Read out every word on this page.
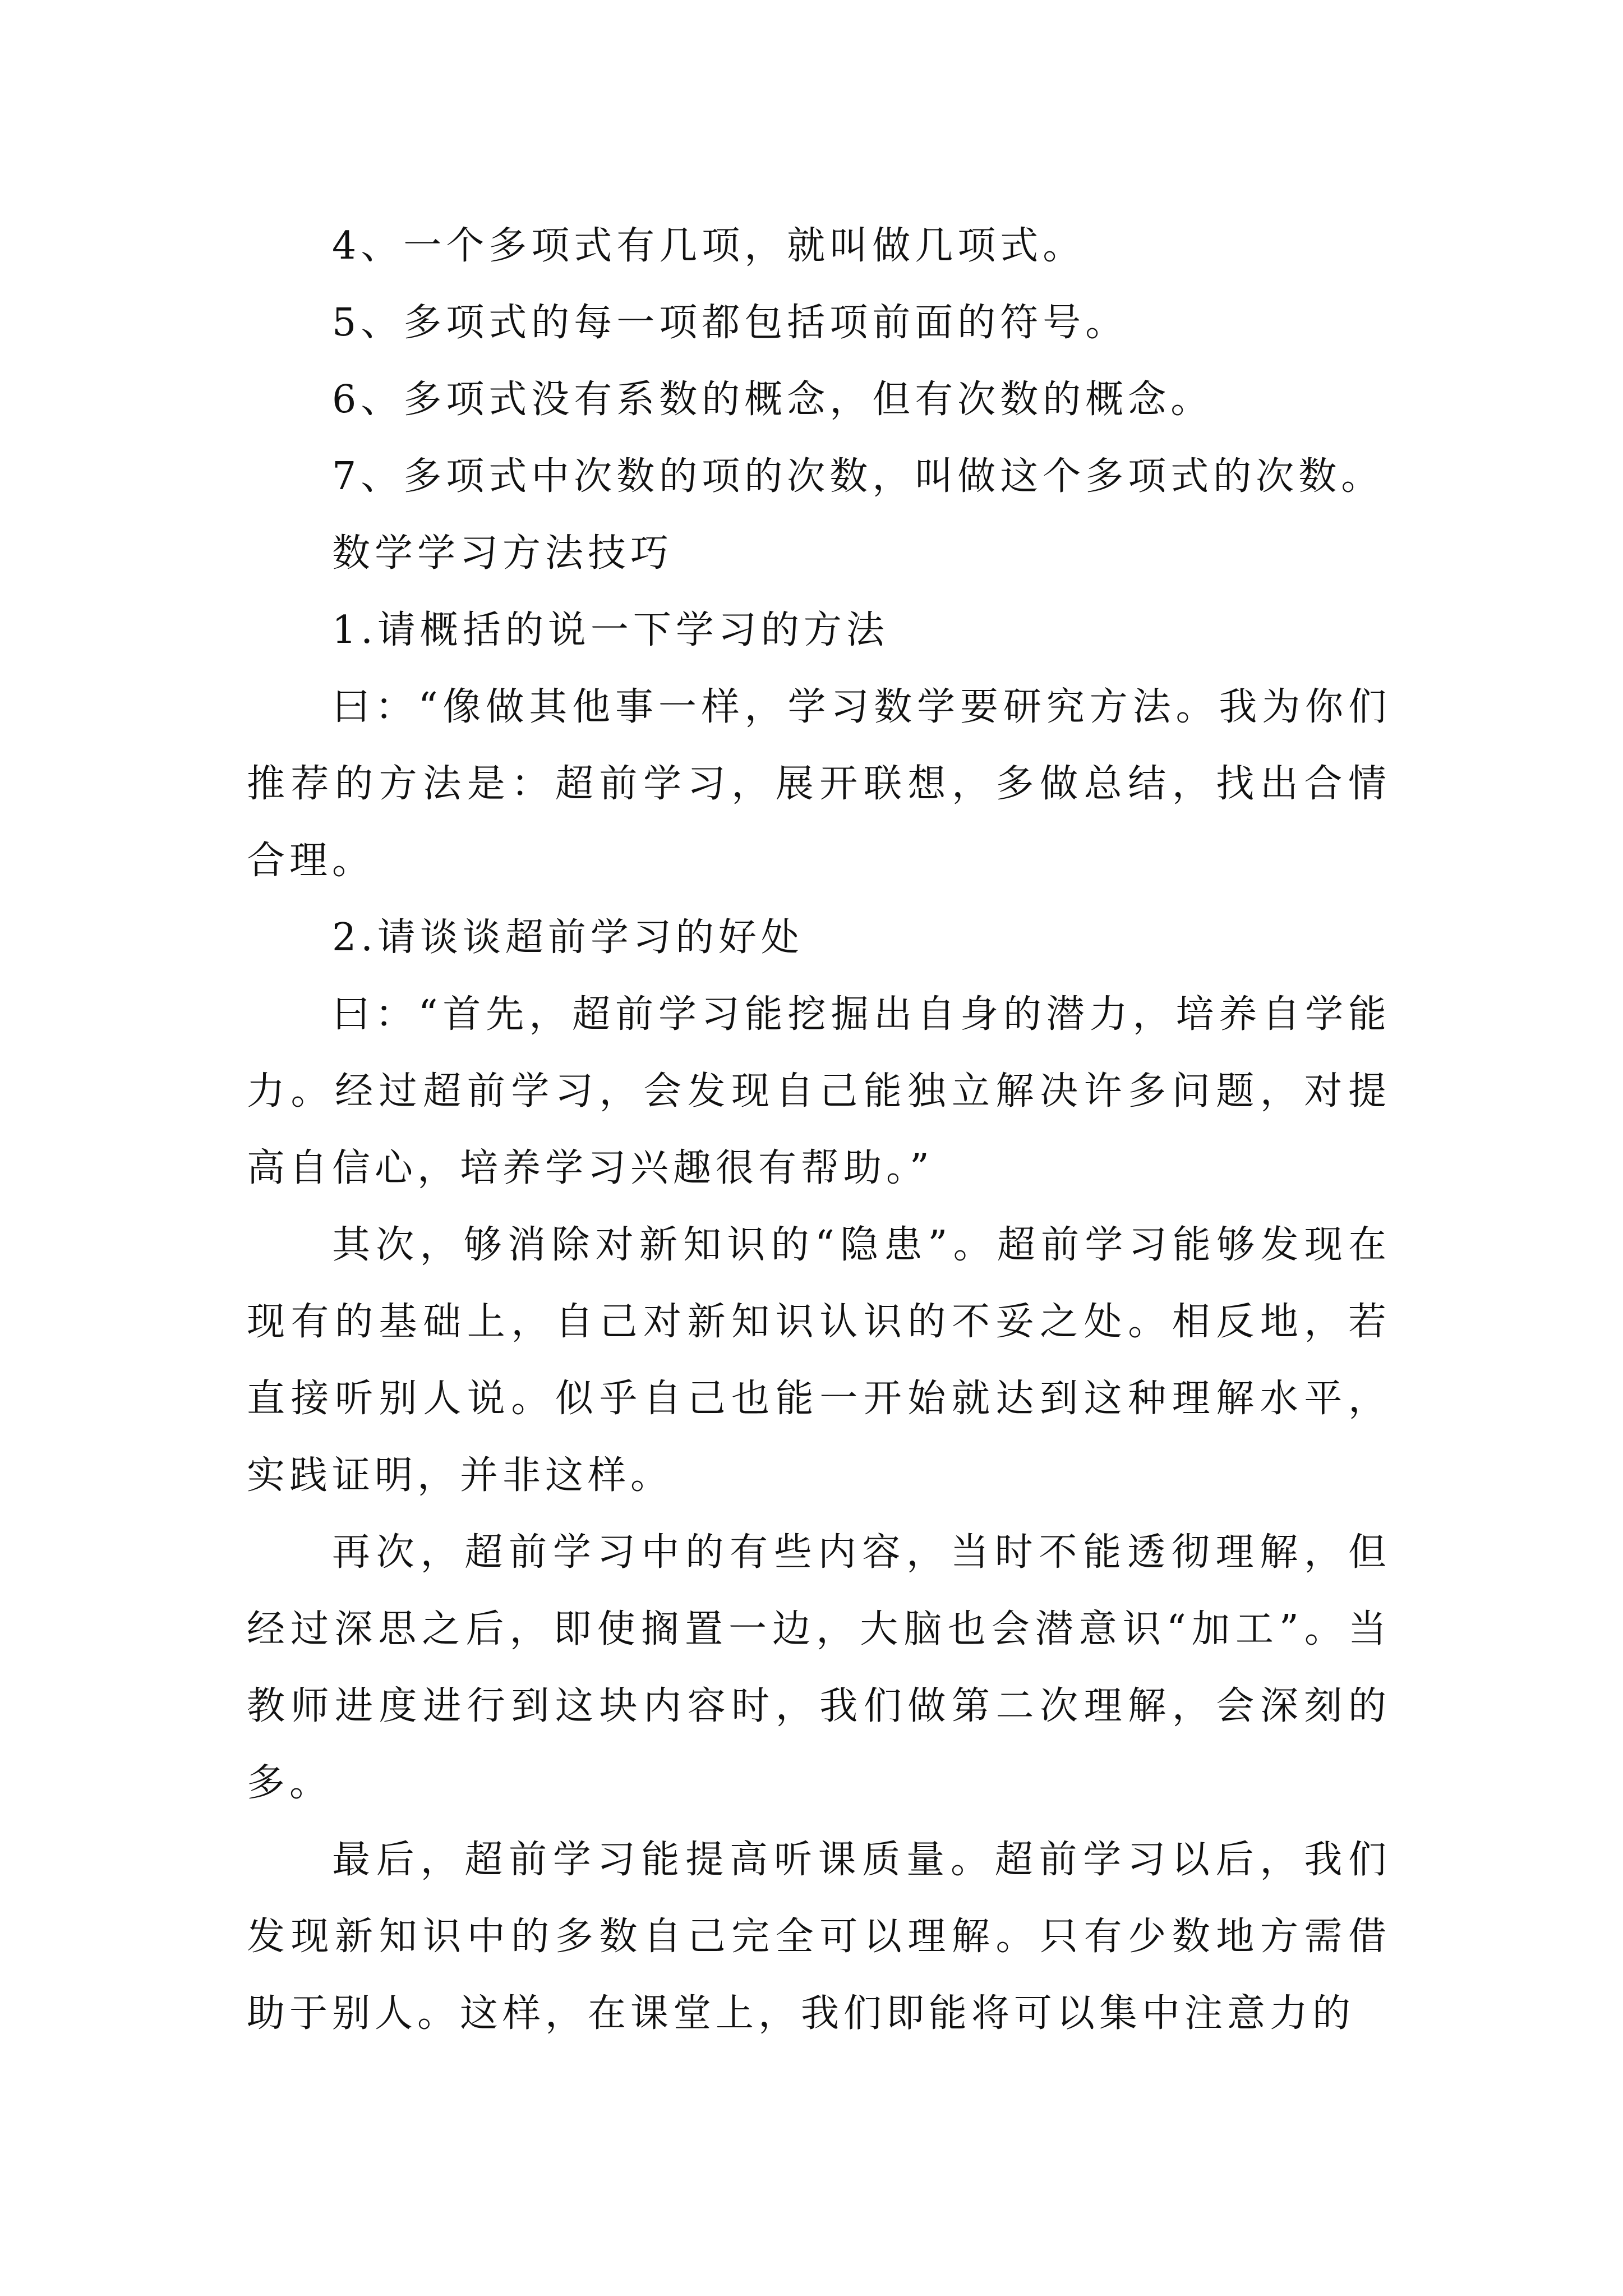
4、一个多项式有几项，就叫做几项式。

5、多项式的每一项都包括项前面的符号。

6、多项式没有系数的概念，但有次数的概念。

7、多项式中次数的项的次数，叫做这个多项式的次数。

数学学习方法技巧

1.请概括的说一下学习的方法

曰：“像做其他事一样，学习数学要研究方法。我为你们推荐的方法是：超前学习，展开联想，多做总结，找出合情合理。

2.请谈谈超前学习的好处

曰：“首先，超前学习能挖掘出自身的潜力，培养自学能力。经过超前学习，会发现自己能独立解决许多问题，对提高自信心，培养学习兴趣很有帮助。”

其次，够消除对新知识的“隐患”。超前学习能够发现在现有的基础上，自己对新知识认识的不妥之处。相反地，若直接听别人说。似乎自己也能一开始就达到这种理解水平，实践证明，并非这样。

再次，超前学习中的有些内容，当时不能透彻理解，但经过深思之后，即使搁置一边，大脑也会潜意识“加工”。当教师进度进行到这块内容时，我们做第二次理解，会深刻的多。

最后，超前学习能提高听课质量。超前学习以后，我们发现新知识中的多数自己完全可以理解。只有少数地方需借助于别人。这样，在课堂上，我们即能将可以集中注意力的
